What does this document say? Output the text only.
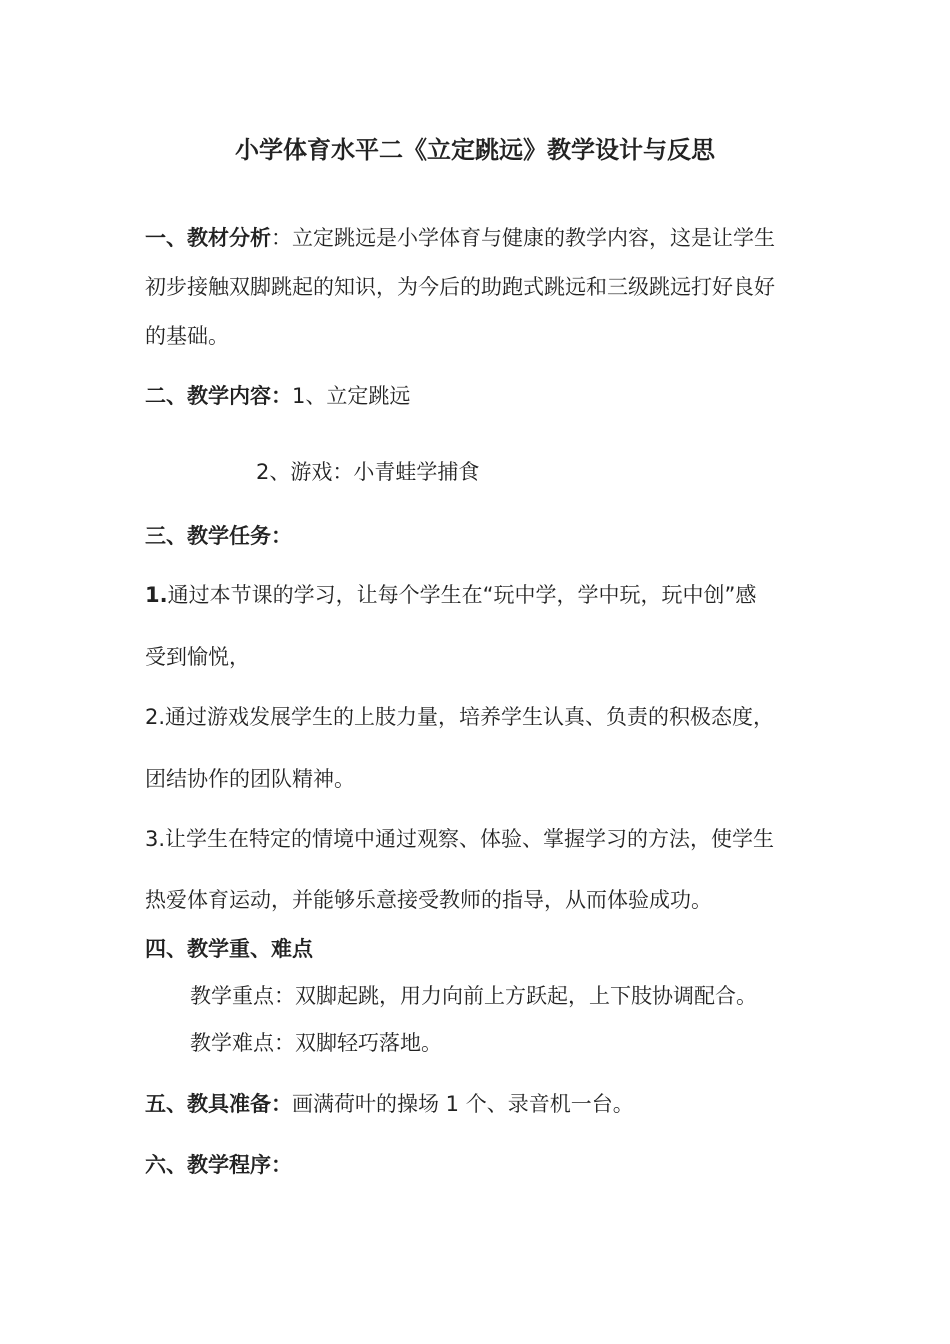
小学体育水平二《立定跳远》教学设计与反思
一、教材分析：立定跳远是小学体育与健康的教学内容，这是让学生
初步接触双脚跳起的知识，为今后的助跑式跳远和三级跳远打好良好
的基础。
二、教学内容：1、立定跳远
2、游戏：小青蛙学捕食
三、教学任务：
1.通过本节课的学习，让每个学生在“玩中学，学中玩，玩中创”感
受到愉悦，
2.通过游戏发展学生的上肢力量，培养学生认真、负责的积极态度，
团结协作的团队精神。
3.让学生在特定的情境中通过观察、体验、掌握学习的方法，使学生
热爱体育运动，并能够乐意接受教师的指导，从而体验成功。
四、教学重、难点
教学重点：双脚起跳，用力向前上方跃起，上下肢协调配合。
教学难点：双脚轻巧落地。
五、教具准备：画满荷叶的操场 1 个、录音机一台。
六、教学程序：
